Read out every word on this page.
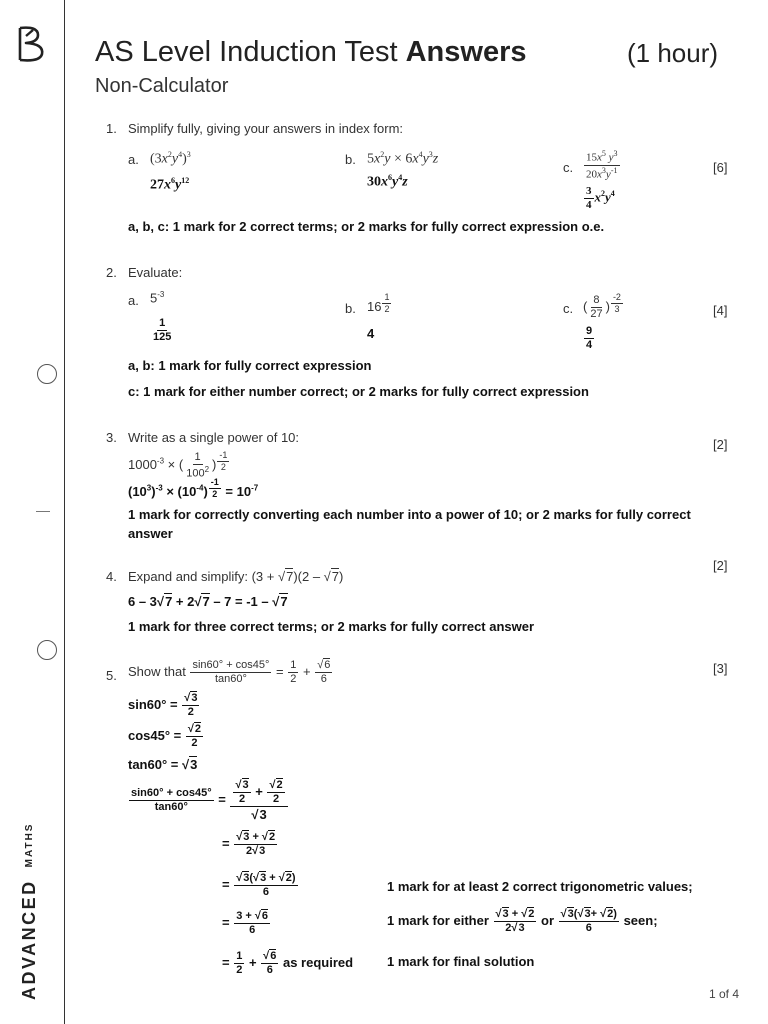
ADVANCED
MATHS
AS Level Induction Test Answers	(1 hour)
Non-Calculator
1. Simplify fully, giving your answers in index form:
a. $(3x^2y^4)^3$
$27x^6y^{12}$
b. $5x^2y \times 6x^4y^3z$
$30x^6y^4z$
c. $\frac{15x^5 y^3}{20x^3y^{-1}}$
$\frac{3}{4} x^2y^4$
[6]
a, b, c: 1 mark for 2 correct terms; or 2 marks for fully correct expression o.e.
2. Evaluate:
a. $5^{-3}$
$\frac{1}{125}$
b. 16 $^{\frac{1}{2}}$
4
c. ( $\frac{8}{27}$ ) $^{\frac{-2}{3}}$
$\frac{9}{4}$
[4]
a, b: 1 mark for fully correct expression
c: 1 mark for either number correct; or 2 marks for fully correct expression
3. Write as a single power of 10:	[2]
$1000^{-3}$ × ( $\frac{1}{100^2}$ ) $^{\frac{-1}{2}}$
$(10^3)^{-3} \times (10^{-4}) ^{\frac{-1}{2}} = 10^{-7}$
1 mark for correctly converting each number into a power of 10; or 2 marks for fully correct
answer
4. Expand and simplify: (3 + √7)(2 – √7)
[2]
6 – 3√7 + 2√7 – 7 = -1 – √7
1 mark for three correct terms; or 2 marks for fully correct answer
5. Show that $\frac{\sin 60^\circ + \cos 45^\circ}{\tan 60^\circ} = \frac{1}{2} + \frac{√6}{6}$	[3]
$\sin 60^\circ = \frac{√3}{2}$
$\cos 45^\circ = \frac{√2}{2}$
tan60° = √3
$\frac{\sin 60^\circ + \cos 45^\circ}{\tan 60^\circ} = \frac{\frac{√3}{2} + \frac{√2}{2}}{√3}$
= $\frac{√3 + √2}{2√3}$
= $\frac{√3(√3 + √2)}{6}$
= $\frac{3 + √6}{6}$
= $\frac{1}{2} + \frac{√6}{6}$ as required
1 mark for at least 2 correct trigonometric values;
1 mark for either $\frac{√3 + √2}{2√3}$ or $\frac{√3(√3+ √2)}{6}$ seen;
1 mark for final solution
1 of 4
